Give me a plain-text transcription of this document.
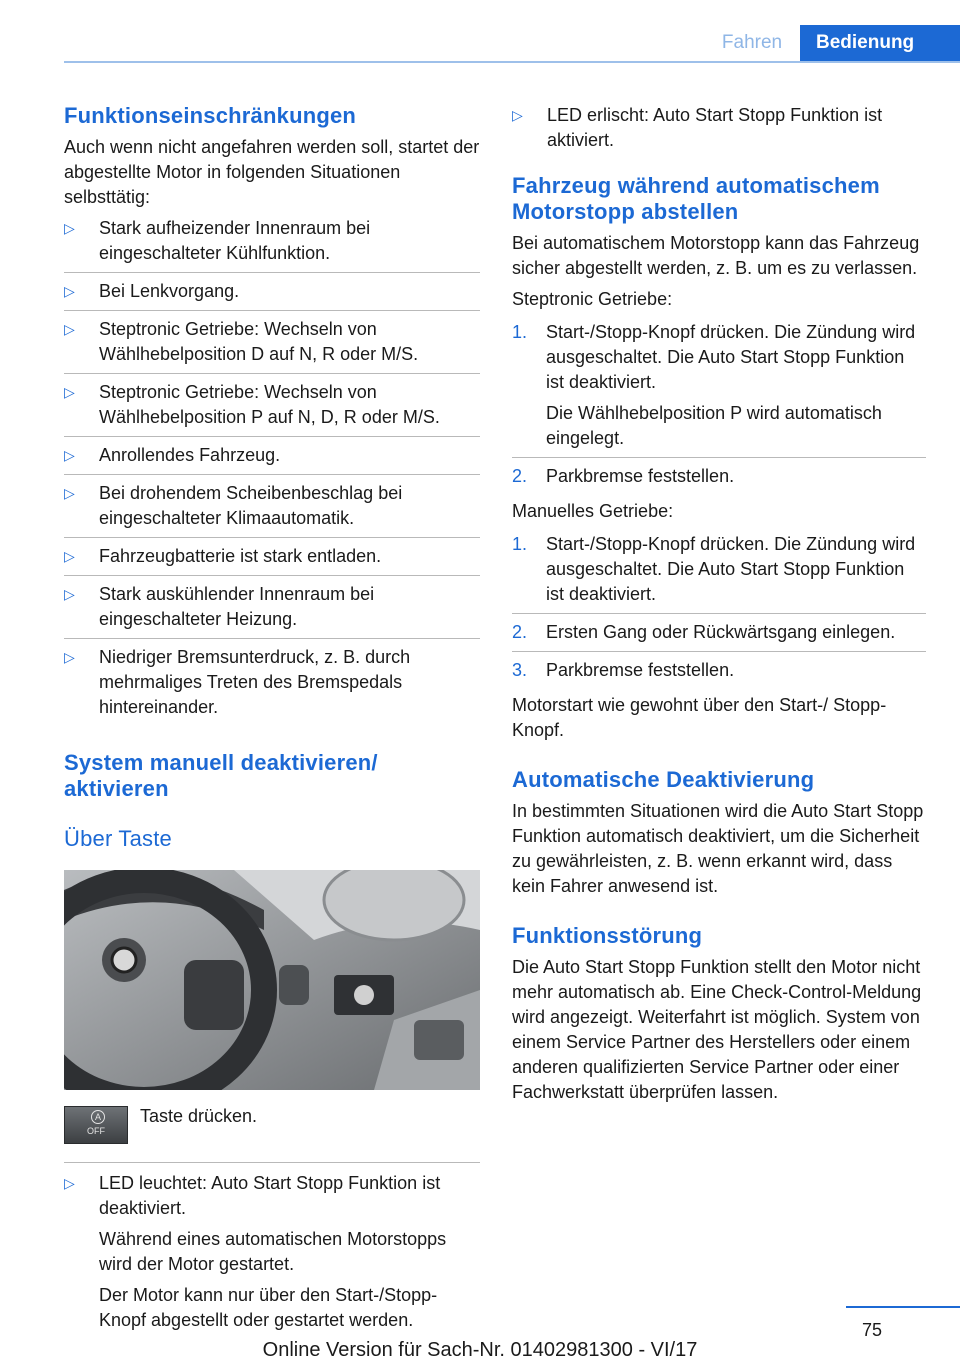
Fahren	Bedienung
Funktionseinschränkungen

Auch wenn nicht angefahren werden soll, startet der abgestellte Motor in folgenden Situationen selbsttätig:

▷ Stark aufheizender Innenraum bei eingeschalteter Kühlfunktion.
▷ Bei Lenkvorgang.
▷ Steptronic Getriebe: Wechseln von Wählhebelposition D auf N, R oder M/S.
▷ Steptronic Getriebe: Wechseln von Wählhebelposition P auf N, D, R oder M/S.
▷ Anrollendes Fahrzeug.
▷ Bei drohendem Scheibenbeschlag bei eingeschalteter Klimaautomatik.
▷ Fahrzeugbatterie ist stark entladen.
▷ Stark auskühlender Innenraum bei eingeschalteter Heizung.
▷ Niedriger Bremsunterdruck, z. B. durch mehrmaliges Treten des Bremspedals hintereinander.
System manuell deaktivieren/ aktivieren
Über Taste
A
OFF
Taste drücken.
▷ LED leuchtet: Auto Start Stopp Funktion ist deaktiviert.

Während eines automatischen Motorstopps wird der Motor gestartet.

Der Motor kann nur über den Start-/Stopp-Knopf abgestellt oder gestartet werden.

▷ LED erlischt: Auto Start Stopp Funktion ist aktiviert.
Fahrzeug während automatischem Motorstopp abstellen

Bei automatischem Motorstopp kann das Fahrzeug sicher abgestellt werden, z. B. um es zu verlassen.

Steptronic Getriebe:

1. Start-/Stopp-Knopf drücken. Die Zündung wird ausgeschaltet. Die Auto Start Stopp Funktion ist deaktiviert.

Die Wählhebelposition P wird automatisch eingelegt.

2. Parkbremse feststellen.

Manuelles Getriebe:

1. Start-/Stopp-Knopf drücken. Die Zündung wird ausgeschaltet. Die Auto Start Stopp Funktion ist deaktiviert.
2. Ersten Gang oder Rückwärtsgang einlegen.
3. Parkbremse feststellen.

Motorstart wie gewohnt über den Start-/ Stopp-Knopf.

Automatische Deaktivierung

In bestimmten Situationen wird die Auto Start Stopp Funktion automatisch deaktiviert, um die Sicherheit zu gewährleisten, z. B. wenn erkannt wird, dass kein Fahrer anwesend ist.

Funktionsstörung

Die Auto Start Stopp Funktion stellt den Motor nicht mehr automatisch ab. Eine Check-Control-Meldung wird angezeigt. Weiterfahrt ist möglich. System von einem Service Partner des Herstellers oder einem anderen qualifizierten Service Partner oder einer Fachwerkstatt überprüfen lassen.

75
Online Version für Sach-Nr. 01402981300 - VI/17
